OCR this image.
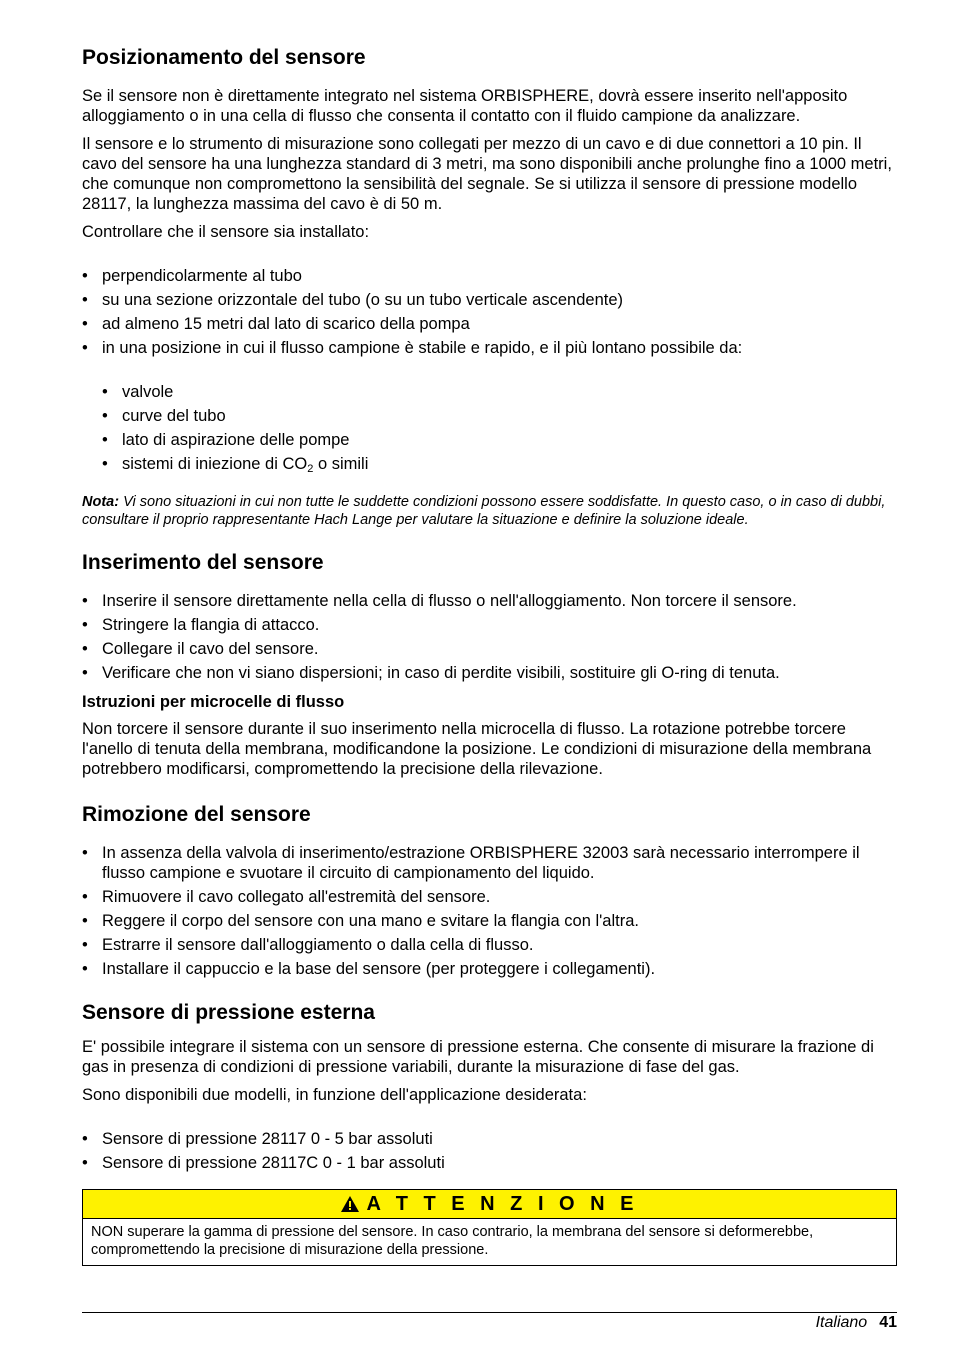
Posizionamento del sensore

Se il sensore non è direttamente integrato nel sistema ORBISPHERE, dovrà essere inserito nell'apposito alloggiamento o in una cella di flusso che consenta il contatto con il fluido campione da analizzare.

Il sensore e lo strumento di misurazione sono collegati per mezzo di un cavo e di due connettori a 10 pin. Il cavo del sensore ha una lunghezza standard di 3 metri, ma sono disponibili anche prolunghe fino a 1000 metri, che comunque non compromettono la sensibilità del segnale. Se si utilizza il sensore di pressione modello 28117, la lunghezza massima del cavo è di 50 m.

Controllare che il sensore sia installato:

• perpendicolarmente al tubo
• su una sezione orizzontale del tubo (o su un tubo verticale ascendente)
• ad almeno 15 metri dal lato di scarico della pompa
• in una posizione in cui il flusso campione è stabile e rapido, e il più lontano possibile da:
• valvole
• curve del tubo
• lato di aspirazione delle pompe
• sistemi di iniezione di $CO_2$ o simili

Nota: Vi sono situazioni in cui non tutte le suddette condizioni possono essere soddisfatte. In questo caso, o in caso di dubbi, consultare il proprio rappresentante Hach Lange per valutare la situazione e definire la soluzione ideale.

Inserimento del sensore
• Inserire il sensore direttamente nella cella di flusso o nell'alloggiamento. Non torcere il sensore.
• Stringere la flangia di attacco.
• Collegare il cavo del sensore.
• Verificare che non vi siano dispersioni; in caso di perdite visibili, sostituire gli O-ring di tenuta.
Istruzioni per microcelle di flusso

Non torcere il sensore durante il suo inserimento nella microcella di flusso. La rotazione potrebbe torcere l'anello di tenuta della membrana, modificandone la posizione. Le condizioni di misurazione della membrana potrebbero modificarsi, compromettendo la precisione della rilevazione.

Rimozione del sensore
• In assenza della valvola di inserimento/estrazione ORBISPHERE 32003 sarà necessario interrompere il flusso campione e svuotare il circuito di campionamento del liquido.
• Rimuovere il cavo collegato all'estremità del sensore.
• Reggere il corpo del sensore con una mano e svitare la flangia con l'altra.
• Estrarre il sensore dall'alloggiamento o dalla cella di flusso.
• Installare il cappuccio e la base del sensore (per proteggere i collegamenti).
Sensore di pressione esterna

E' possibile integrare il sistema con un sensore di pressione esterna. Che consente di misurare la frazione di gas in presenza di condizioni di pressione variabili, durante la misurazione di fase del gas.

Sono disponibili due modelli, in funzione dell'applicazione desiderata:

• Sensore di pressione 28117 0 - 5 bar assoluti
• Sensore di pressione 28117C 0 - 1 bar assoluti
A T T E N Z I O N E
NON superare la gamma di pressione del sensore. In caso contrario, la membrana del sensore si deformerebbe, compromettendo la precisione di misurazione della pressione.
Italiano 41
